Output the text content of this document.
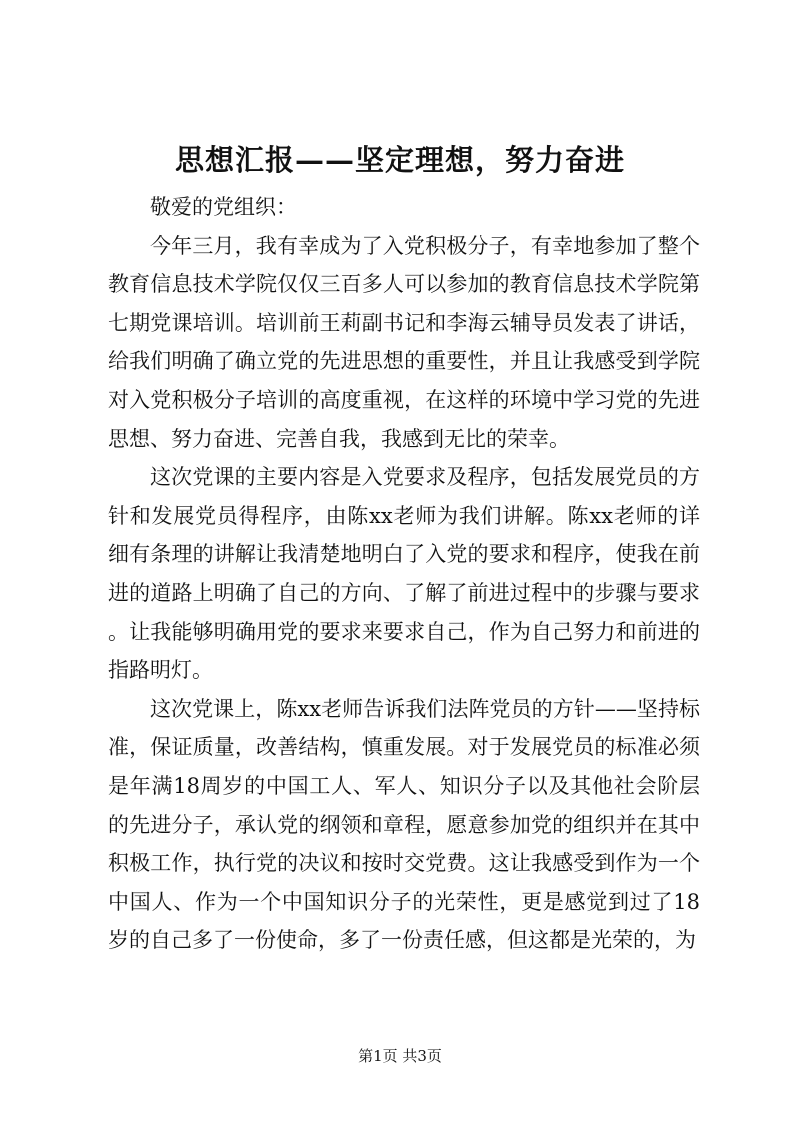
思想汇报——坚定理想，努力奋进

敬爱的党组织：

今年三月，我有幸成为了入党积极分子，有幸地参加了整个教育信息技术学院仅仅三百多人可以参加的教育信息技术学院第七期党课培训。培训前王莉副书记和李海云辅导员发表了讲话，给我们明确了确立党的先进思想的重要性，并且让我感受到学院对入党积极分子培训的高度重视，在这样的环境中学习党的先进思想、努力奋进、完善自我，我感到无比的荣幸。

这次党课的主要内容是入党要求及程序，包括发展党员的方针和发展党员得程序，由陈xx老师为我们讲解。陈xx老师的详细有条理的讲解让我清楚地明白了入党的要求和程序，使我在前进的道路上明确了自己的方向、了解了前进过程中的步骤与要求。让我能够明确用党的要求来要求自己，作为自己努力和前进的指路明灯。

这次党课上，陈xx老师告诉我们法阵党员的方针——坚持标准，保证质量，改善结构，慎重发展。对于发展党员的标准必须是年满18周岁的中国工人、军人、知识分子以及其他社会阶层的先进分子，承认党的纲领和章程，愿意参加党的组织并在其中积极工作，执行党的决议和按时交党费。这让我感受到作为一个中国人、作为一个中国知识分子的光荣性，更是感觉到过了18岁的自己多了一份使命，多了一份责任感，但这都是光荣的，为

第1页 共3页
